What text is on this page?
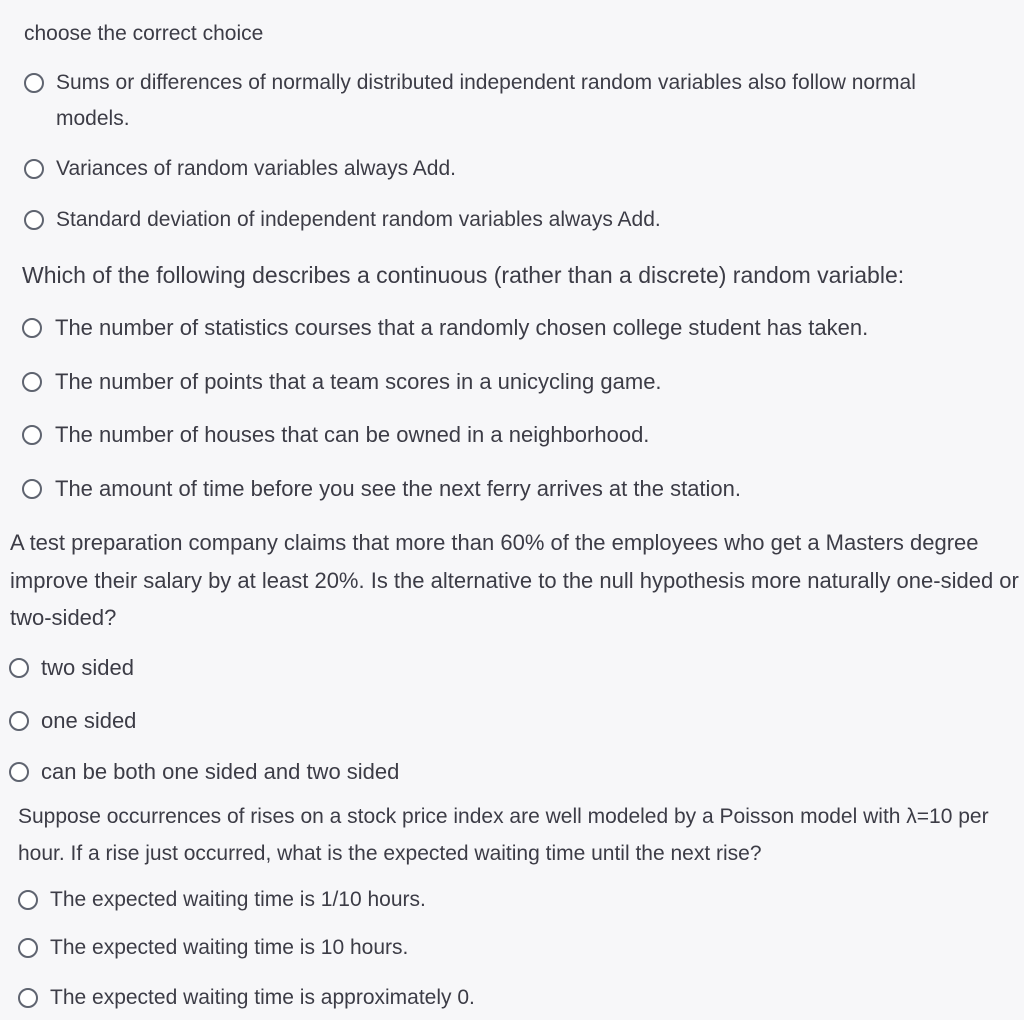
choose the correct choice

Sums or differences of normally distributed independent random variables also follow normal models.
Variances of random variables always Add.
Standard deviation of independent random variables always Add.

Which of the following describes a continuous (rather than a discrete) random variable:

The number of statistics courses that a randomly chosen college student has taken.
The number of points that a team scores in a unicycling game.
The number of houses that can be owned in a neighborhood.
The amount of time before you see the next ferry arrives at the station.

A test preparation company claims that more than 60% of the employees who get a Masters degree improve their salary by at least 20%. Is the alternative to the null hypothesis more naturally one-sided or two-sided?

two sided
one sided
can be both one sided and two sided

Suppose occurrences of rises on a stock price index are well modeled by a Poisson model with λ=10 per hour. If a rise just occurred, what is the expected waiting time until the next rise?

The expected waiting time is 1/10 hours.
The expected waiting time is 10 hours.
The expected waiting time is approximately 0.
